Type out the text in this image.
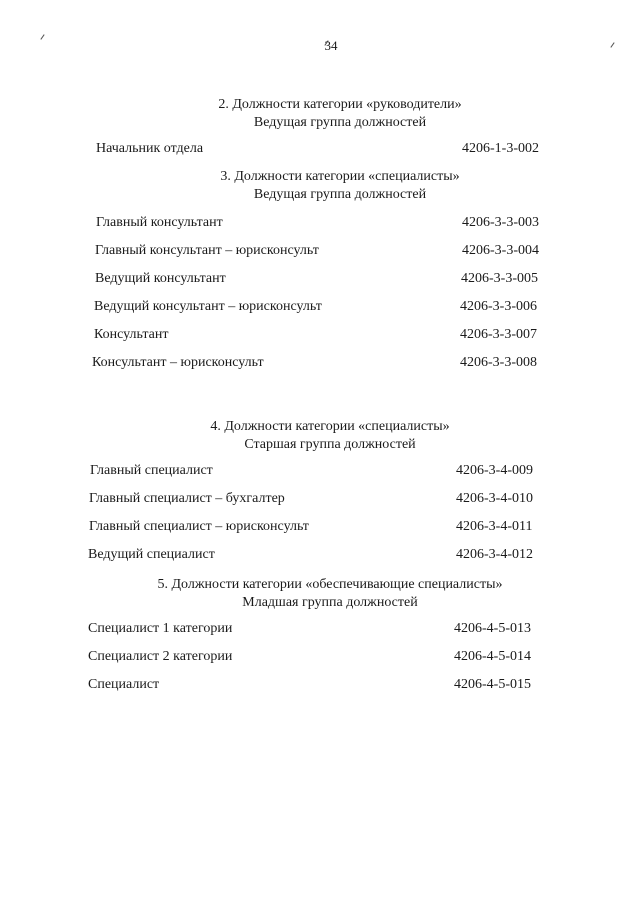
34
2. Должности категории «руководители»
Ведущая группа должностей
Начальник отдела	4206-1-3-002
3. Должности категории «специалисты»
Ведущая группа должностей
Главный консультант	4206-3-3-003
Главный консультант – юрисконсульт	4206-3-3-004
Ведущий консультант	4206-3-3-005
Ведущий консультант – юрисконсульт	4206-3-3-006
Консультант	4206-3-3-007
Консультант – юрисконсульт	4206-3-3-008
4. Должности категории «специалисты»
Старшая группа должностей
Главный специалист	4206-3-4-009
Главный специалист – бухгалтер	4206-3-4-010
Главный специалист – юрисконсульт	4206-3-4-011
Ведущий специалист	4206-3-4-012
5. Должности категории «обеспечивающие специалисты»
Младшая группа должностей
Специалист 1 категории	4206-4-5-013
Специалист 2 категории	4206-4-5-014
Специалист	4206-4-5-015
